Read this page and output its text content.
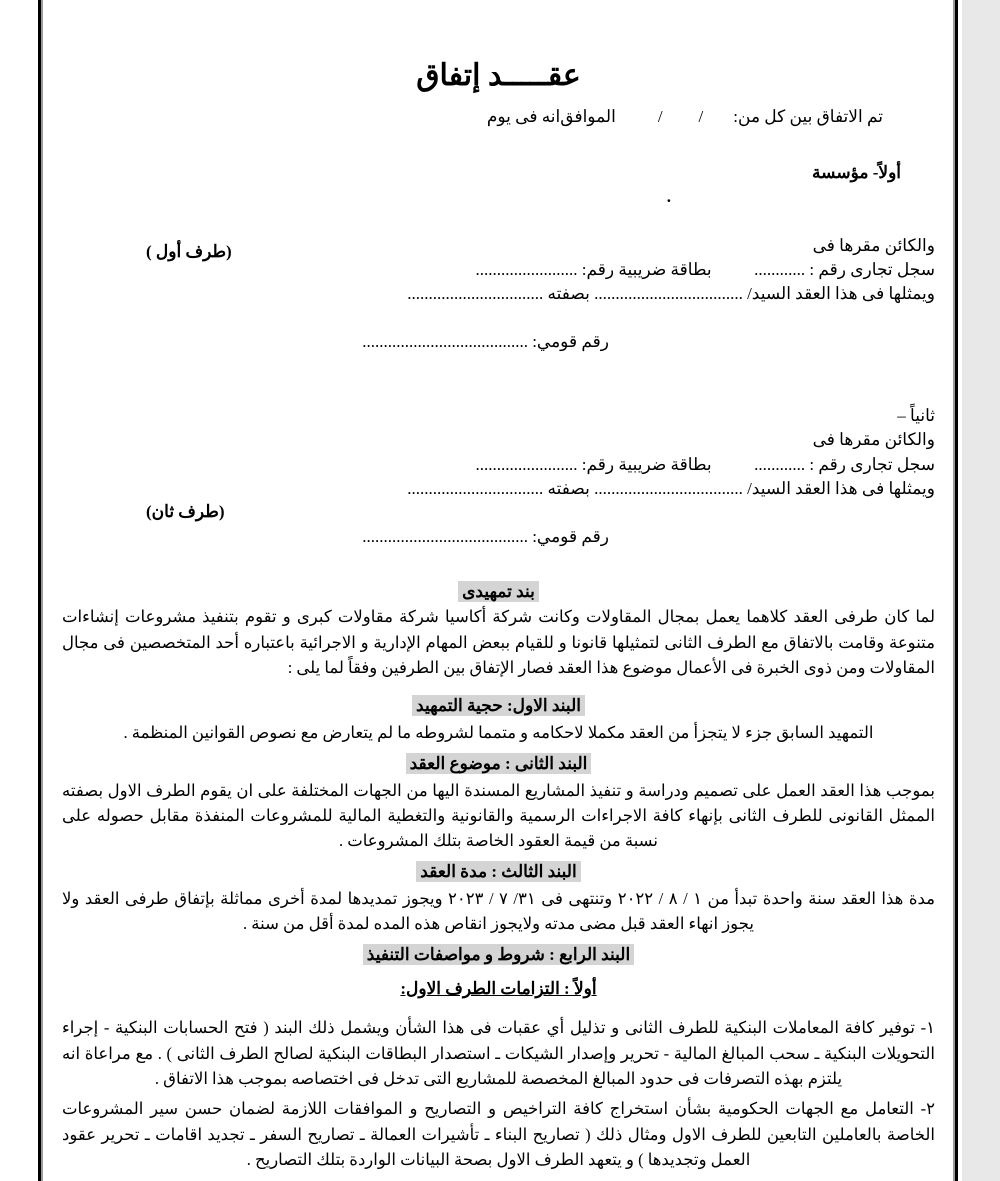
عقـــــد إتفاق
تم الاتفاق بين كل من:
/
/
الموافق
انه فى يوم

أولاً- مؤسسة
.

والكائن مقرها فى
سجل تجارى رقم : ............          بطاقة ضريبية رقم: ........................
ويمثلها فى هذا العقد السيد/ ................................... بصفته ................................

رقم قومي: .......................................

(طرف أول )
ثانياً –
والكائن مقرها فى
سجل تجارى رقم : ............          بطاقة ضريبية رقم: ........................
ويمثلها فى هذا العقد السيد/ ................................... بصفته ................................

رقم قومي: .......................................

(طرف ثان)
بند تمهيدى
لما كان طرفى العقد كلاهما يعمل بمجال المقاولات وكانت شركة أكاسيا شركة مقاولات كبرى و تقوم بتنفيذ مشروعات إنشاءات متنوعة وقامت بالاتفاق مع الطرف الثانى لتمثيلها قانونا و للقيام ببعض المهام الإدارية و الاجرائية باعتباره أحد المتخصصين فى مجال المقاولات ومن ذوى الخبرة فى الأعمال موضوع هذا العقد فصار الإتفاق بين الطرفين وفقاً لما يلى :
البند الاول: حجية التمهيد
التمهيد السابق جزء لا يتجزأ من العقد مكملا لاحكامه و متمما لشروطه ما لم يتعارض مع نصوص القوانين المنظمة .
البند الثانى : موضوع العقد
بموجب هذا العقد العمل على تصميم ودراسة و تنفيذ المشاريع المسندة اليها من الجهات المختلفة على ان يقوم الطرف الاول بصفته الممثل القانونى للطرف الثانى بإنهاء كافة الاجراءات الرسمية والقانونية والتغطية المالية للمشروعات المنفذة مقابل حصوله على نسبة من قيمة العقود الخاصة بتلك المشروعات .
البند الثالث : مدة العقد
مدة هذا العقد سنة واحدة تبدأ من ١ / ٨ / ٢٠٢٢ وتنتهى فى ٣١/ ٧ / ٢٠٢٣ ويجوز تمديدها لمدة أخرى مماثلة بإتفاق طرفى العقد ولا يجوز انهاء العقد قبل مضى مدته ولايجوز انقاص هذه المده لمدة أقل من سنة .
البند الرابع : شروط و مواصفات التنفيذ
أولاً : التزامات الطرف الاول:
١- توفير كافة المعاملات البنكية للطرف الثانى و تذليل أي عقبات فى هذا الشأن ويشمل ذلك البند ( فتح الحسابات البنكية - إجراء التحويلات البنكية ـ سحب المبالغ المالية - تحرير وإصدار الشيكات ـ استصدار البطاقات البنكية لصالح الطرف الثانى ) . مع مراعاة انه يلتزم بهذه التصرفات فى حدود المبالغ المخصصة للمشاريع التى تدخل فى اختصاصه بموجب هذا الاتفاق .
٢- التعامل مع الجهات الحكومية بشأن استخراج كافة التراخيص و التصاريح و الموافقات اللازمة لضمان حسن سير المشروعات الخاصة بالعاملين التابعين للطرف الاول ومثال ذلك ( تصاريح البناء ـ تأشيرات العمالة ـ تصاريح السفر ـ تجديد اقامات ـ تحرير عقود العمل وتجديدها ) و يتعهد الطرف الاول بصحة البيانات الواردة بتلك التصاريح .
